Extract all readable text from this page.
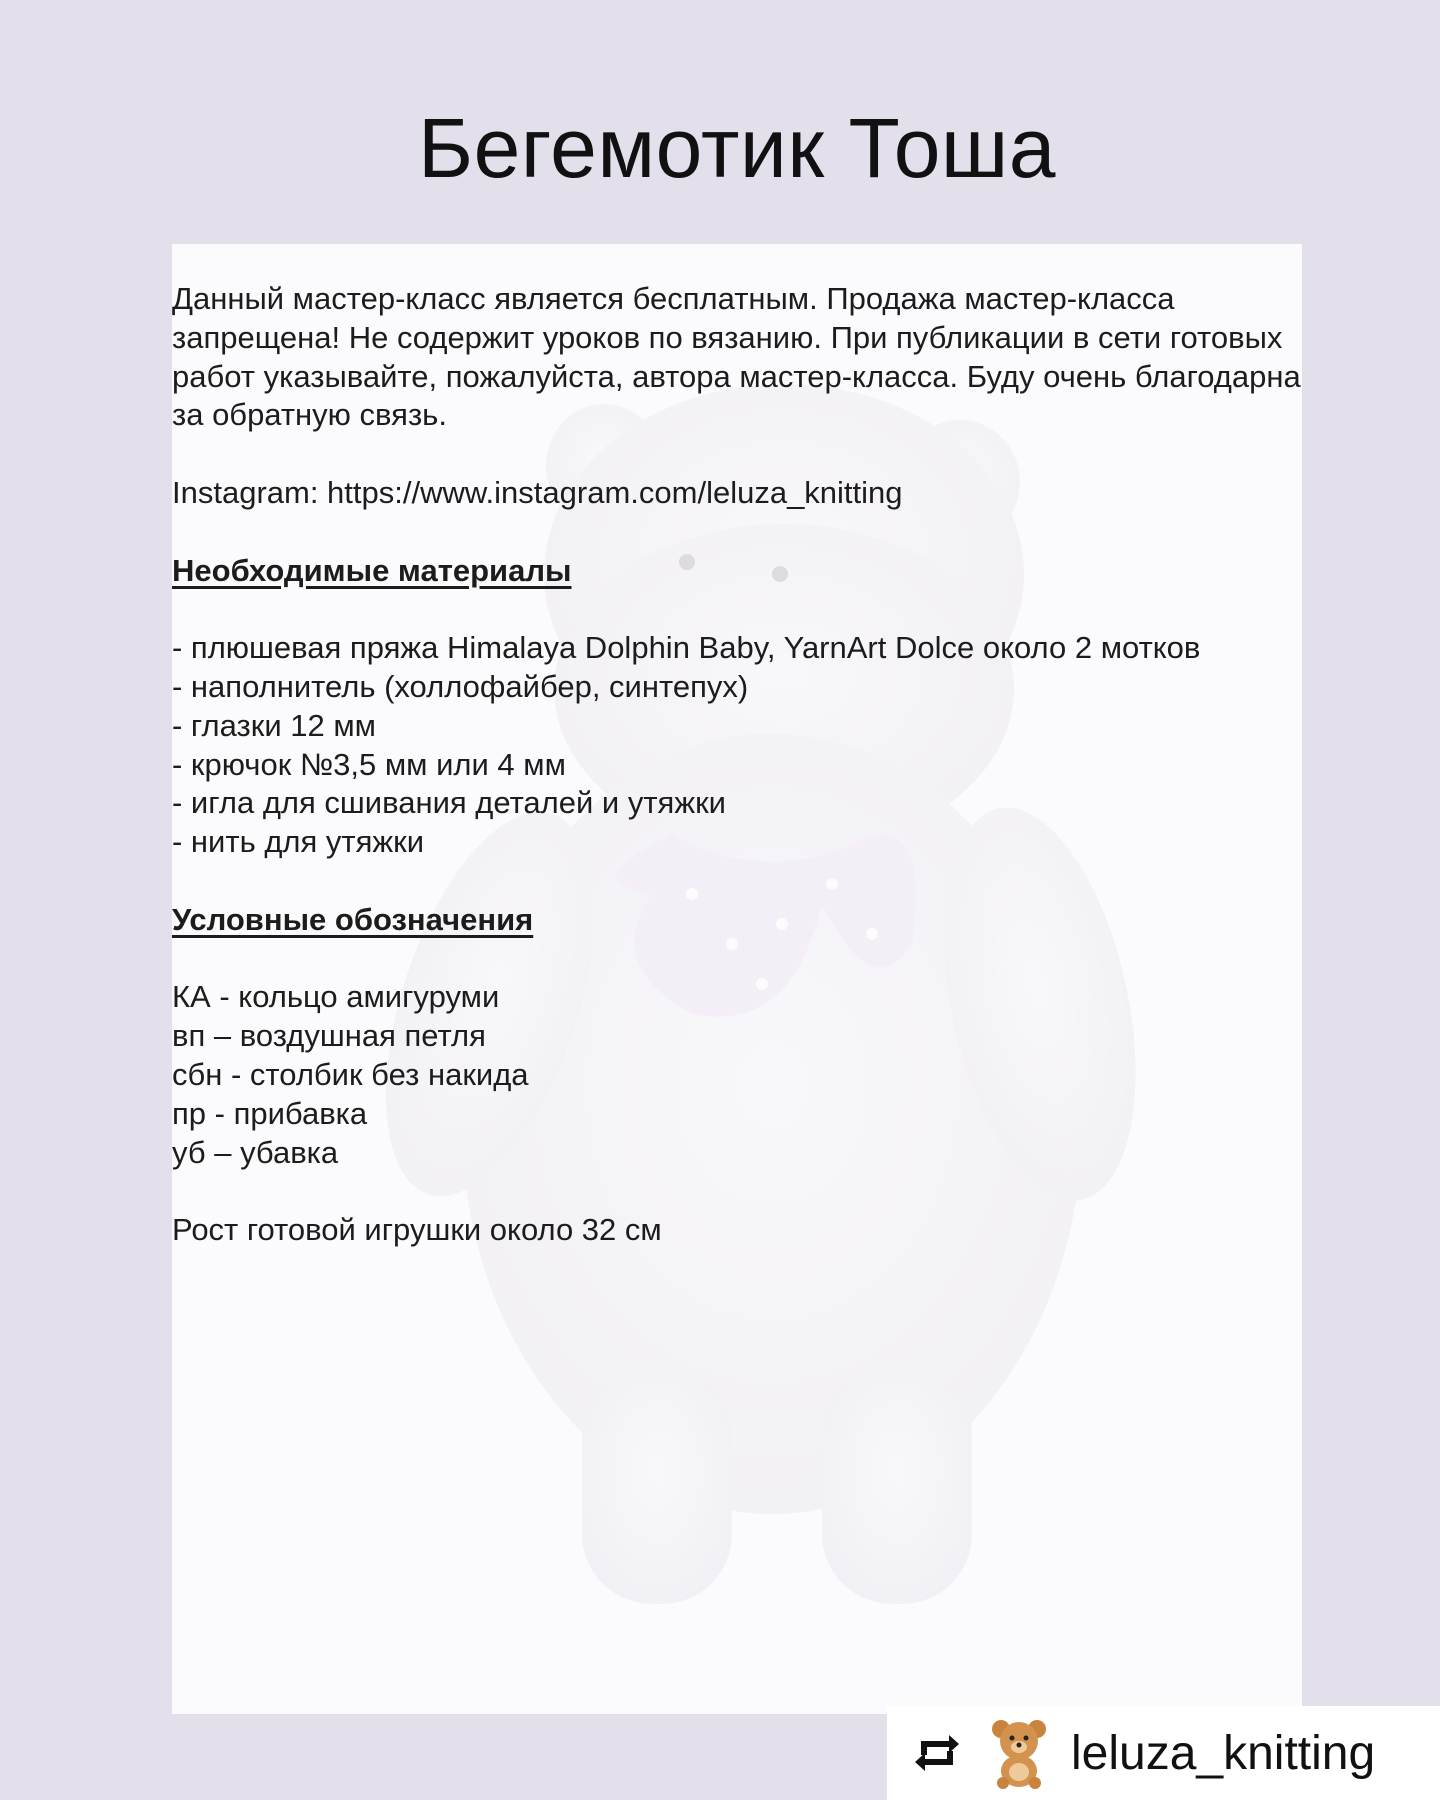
Бегемотик Тоша

Данный мастер-класс является бесплатным. Продажа мастер-класса запрещена! Не содержит уроков по вязанию. При публикации в сети готовых работ указывайте, пожалуйста, автора мастер-класса. Буду очень благодарна за обратную связь.

Instagram: https://www.instagram.com/leluza_knitting

Необходимые материалы

- плюшевая пряжа Himalaya Dolphin Baby, YarnArt Dolce около 2 мотков

- наполнитель (холлофайбер, синтепух)

- глазки 12 мм

- крючок №3,5 мм или 4 мм

- игла для сшивания деталей и утяжки

- нить для утяжки

Условные обозначения

КА - кольцо амигуруми

вп – воздушная петля

сбн - столбик без накида

пр - прибавка

уб – убавка

Рост готовой игрушки около 32 см

leluza_knitting
